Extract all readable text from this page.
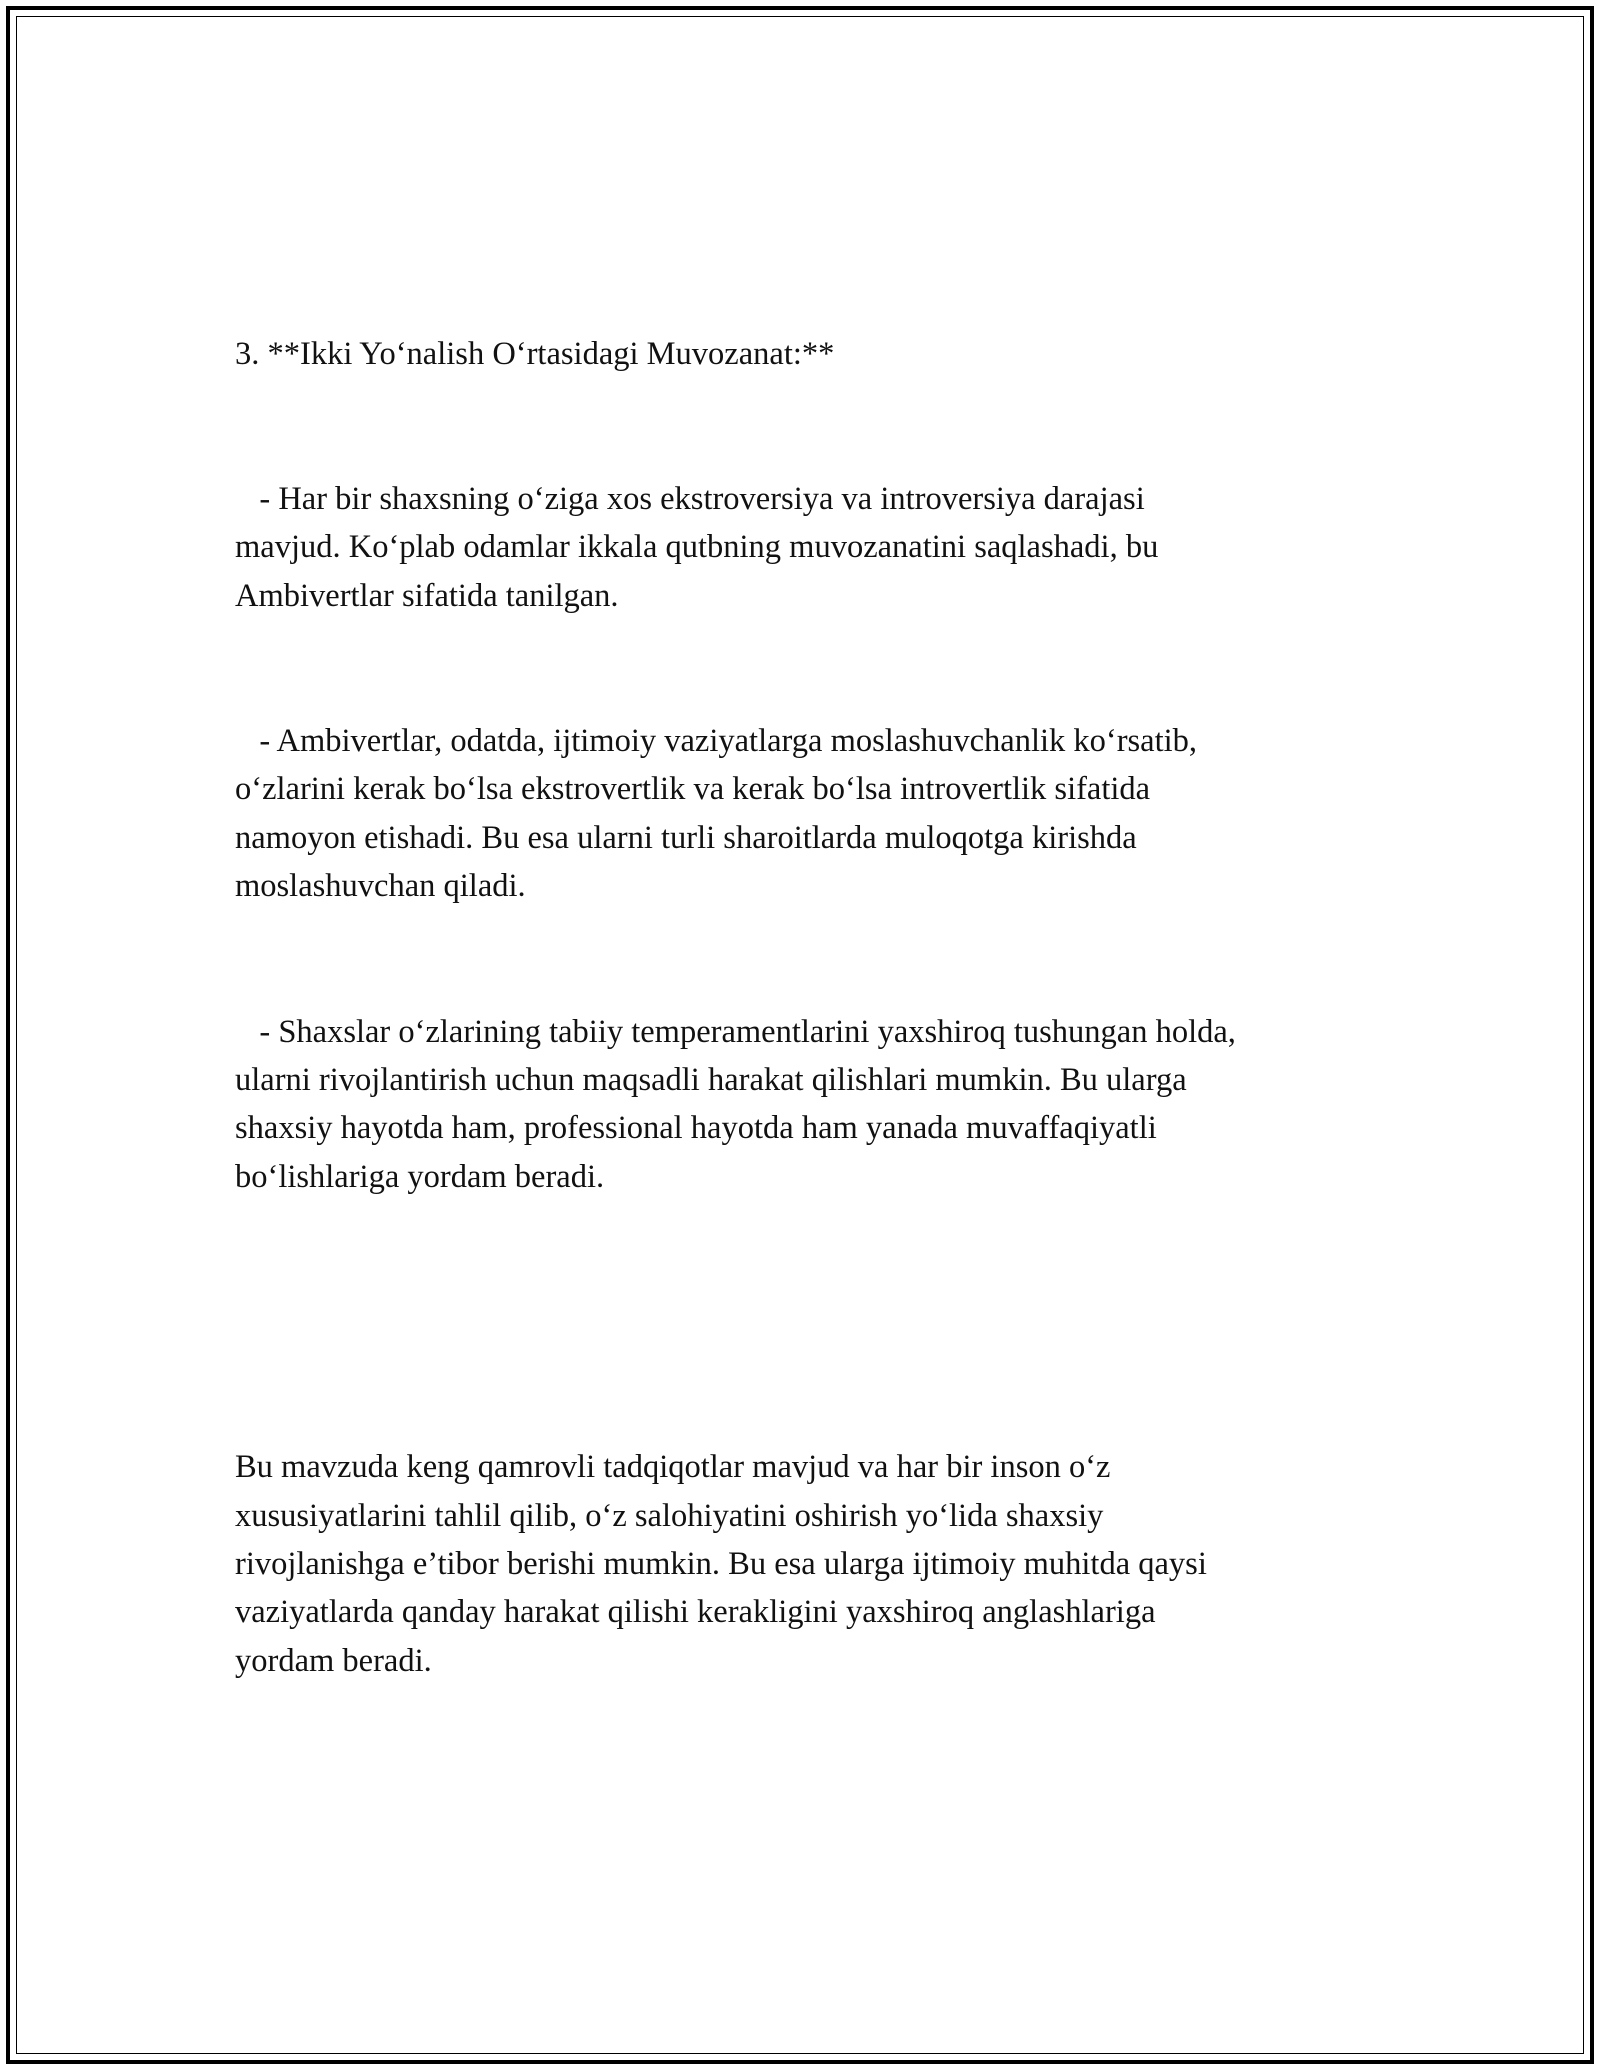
3. **Ikki Yo‘nalish O‘rtasidagi Muvozanat:**

- Har bir shaxsning o‘ziga xos ekstroversiya va introversiya darajasi
mavjud. Ko‘plab odamlar ikkala qutbning muvozanatini saqlashadi, bu
Ambivertlar sifatida tanilgan.

- Ambivertlar, odatda, ijtimoiy vaziyatlarga moslashuvchanlik ko‘rsatib,
o‘zlarini kerak bo‘lsa ekstrovertlik va kerak bo‘lsa introvertlik sifatida
namoyon etishadi. Bu esa ularni turli sharoitlarda muloqotga kirishda
moslashuvchan qiladi.

- Shaxslar o‘zlarining tabiiy temperamentlarini yaxshiroq tushungan holda,
ularni rivojlantirish uchun maqsadli harakat qilishlari mumkin. Bu ularga
shaxsiy hayotda ham, professional hayotda ham yanada muvaffaqiyatli
bo‘lishlariga yordam beradi.

Bu mavzuda keng qamrovli tadqiqotlar mavjud va har bir inson o‘z
xususiyatlarini tahlil qilib, o‘z salohiyatini oshirish yo‘lida shaxsiy
rivojlanishga e’tibor berishi mumkin. Bu esa ularga ijtimoiy muhitda qaysi
vaziyatlarda qanday harakat qilishi kerakligini yaxshiroq anglashlariga
yordam beradi.
